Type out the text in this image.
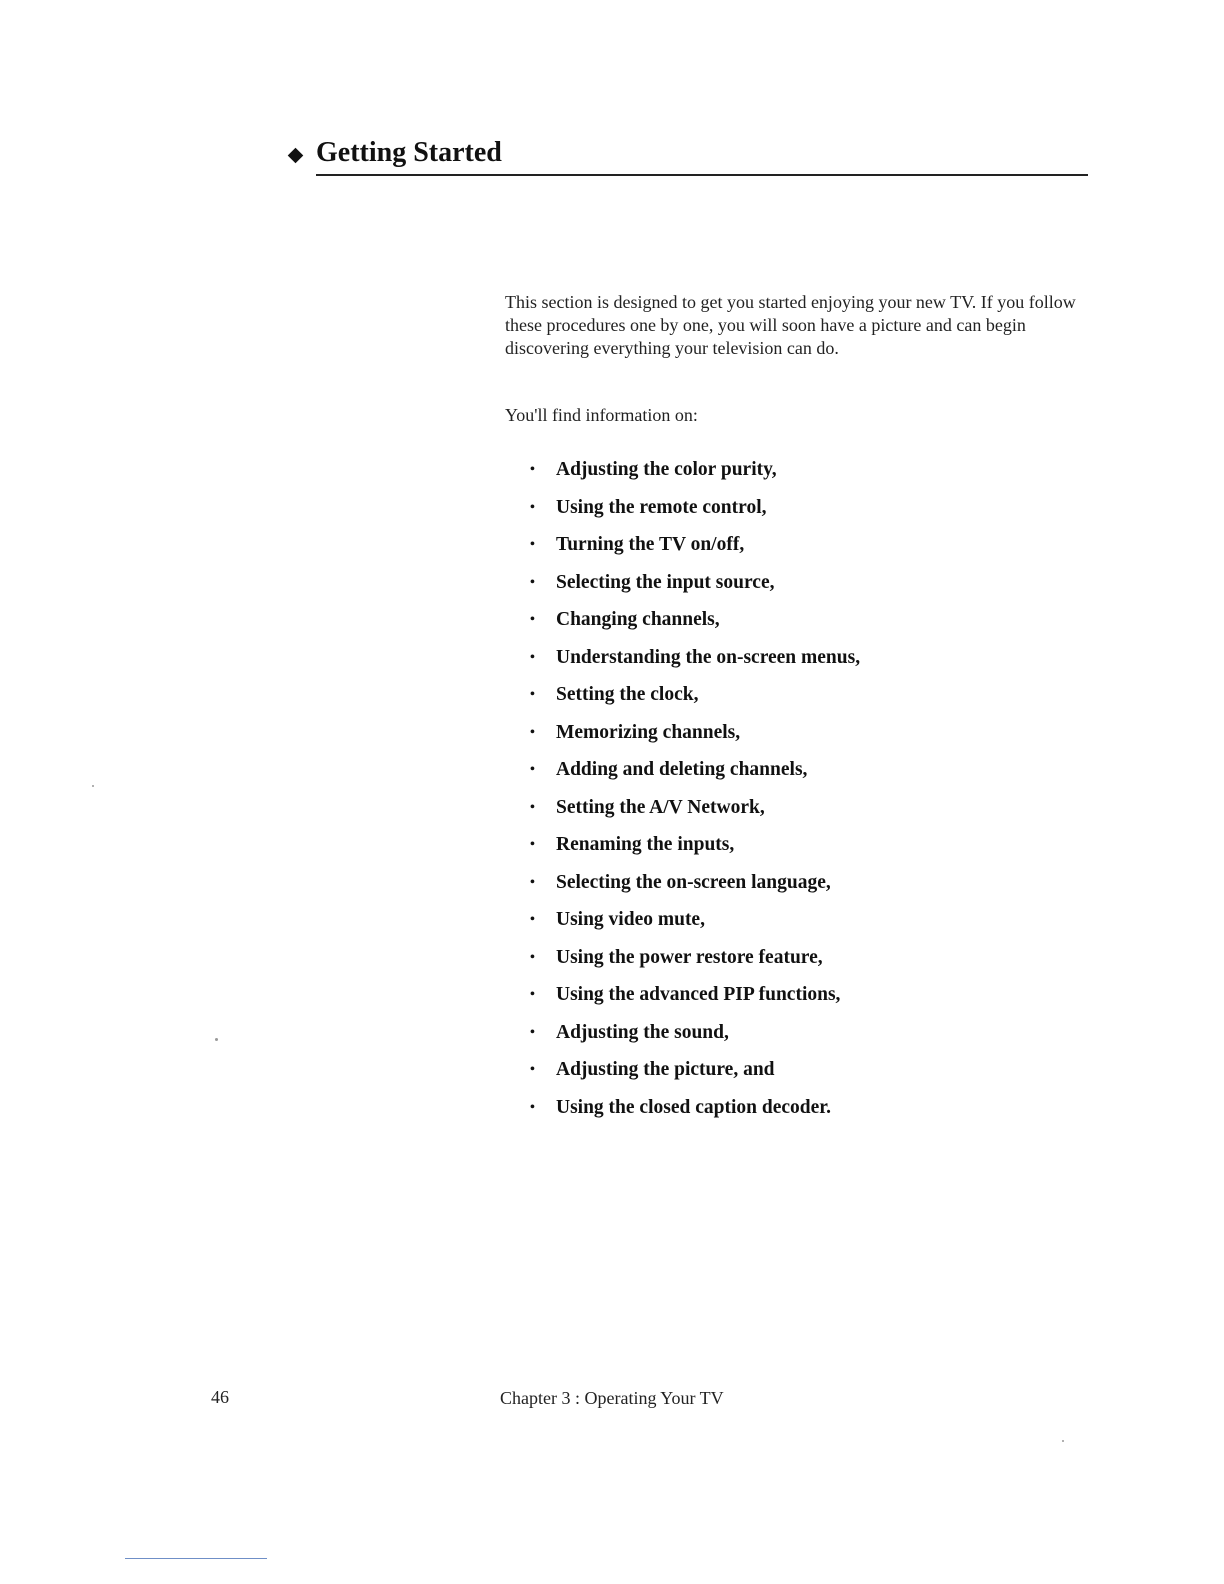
Getting Started

This section is designed to get you started enjoying your new TV. If you follow these procedures one by one, you will soon have a picture and can begin discovering everything your television can do.

You'll find information on:

•	Adjusting the color purity,
•	Using the remote control,
•	Turning the TV on/off,
•	Selecting the input source,
•	Changing channels,
•	Understanding the on-screen menus,
•	Setting the clock,
•	Memorizing channels,
•	Adding and deleting channels,
•	Setting the A/V Network,
•	Renaming the inputs,
•	Selecting the on-screen language,
•	Using video mute,
•	Using the power restore feature,
•	Using the advanced PIP functions,
•	Adjusting the sound,
•	Adjusting the picture, and
•	Using the closed caption decoder.
46	Chapter 3 : Operating Your TV
